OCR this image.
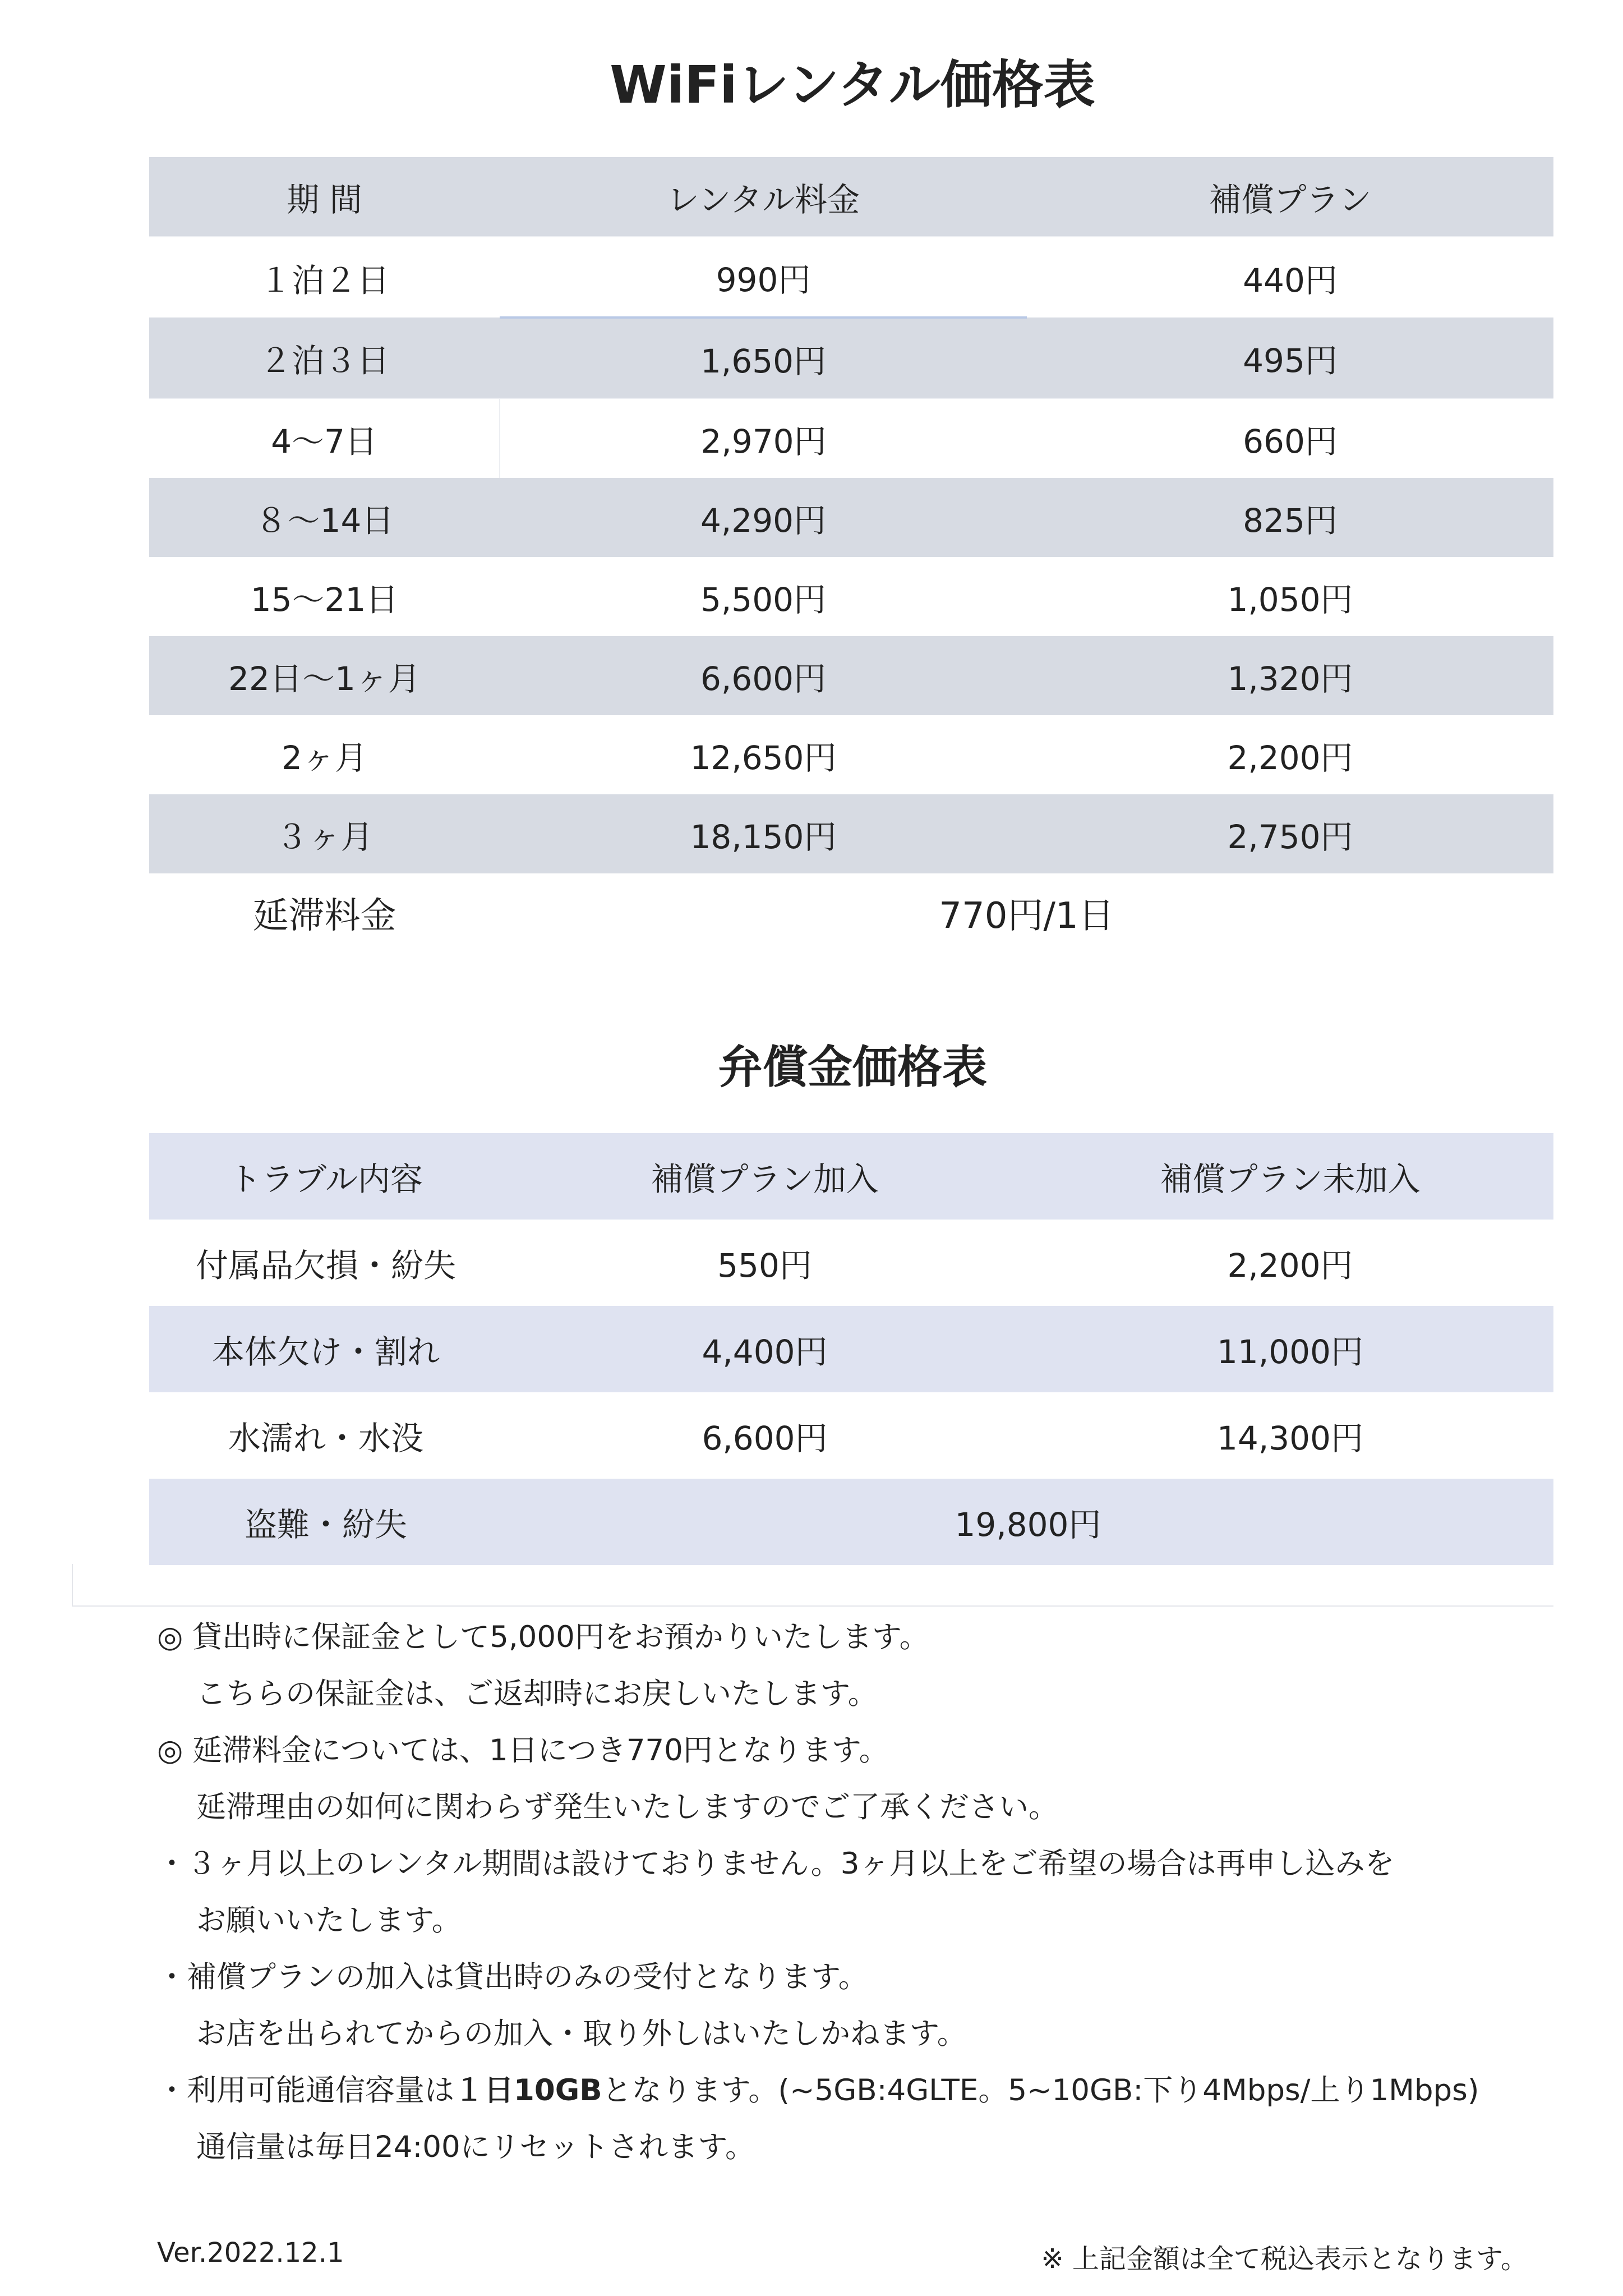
WiFiレンタル価格表
期 間	レンタル料金	補償プラン
１泊２日	990円	440円
２泊３日	1,650円	495円
4〜7日	2,970円	660円
８〜14日	4,290円	825円
15〜21日	5,500円	1,050円
22日〜1ヶ月	6,600円	1,320円
2ヶ月	12,650円	2,200円
３ヶ月	18,150円	2,750円
延滞料金	770円/1日	
弁償金価格表
トラブル内容	補償プラン加入	補償プラン未加入
付属品欠損・紛失	550円	2,200円
本体欠け・割れ	4,400円	11,000円
水濡れ・水没	6,600円	14,300円
盗難・紛失	19,800円	
◎ 貸出時に保証金として5,000円をお預かりいたします。
こちらの保証金は、ご返却時にお戻しいたします。
◎ 延滞料金については、1日につき770円となります。
延滞理由の如何に関わらず発生いたしますのでご了承ください。
・３ヶ月以上のレンタル期間は設けておりません。3ヶ月以上をご希望の場合は再申し込みを
お願いいたします。
・補償プランの加入は貸出時のみの受付となります。
お店を出られてからの加入・取り外しはいたしかねます。
・利用可能通信容量は１日10GBとなります。(~5GB:4GLTE。5~10GB:下り4Mbps/上り1Mbps)
通信量は毎日24:00にリセットされます。
Ver.2022.12.1	※ 上記金額は全て税込表示となります。
